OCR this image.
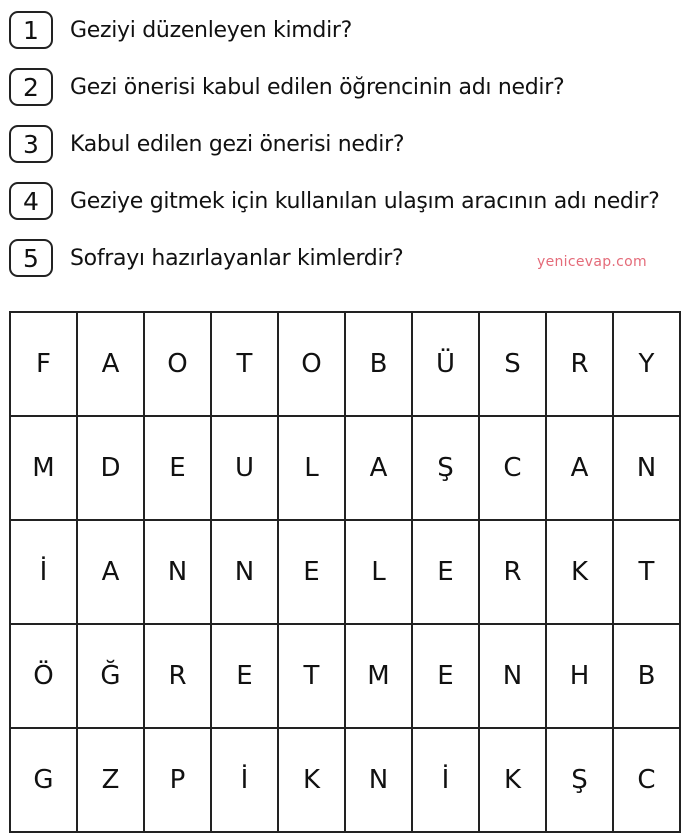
1	Geziyi düzenleyen kimdir?
2	Gezi önerisi kabul edilen öğrencinin adı nedir?
3	Kabul edilen gezi önerisi nedir?
4	Geziye gitmek için kullanılan ulaşım aracının adı nedir?
5	Sofrayı hazırlayanlar kimlerdir?	yenicevap.com
F	A	O	T	O	B	Ü	S	R	Y
M	D	E	U	L	A	Ş	C	A	N
İ	A	N	N	E	L	E	R	K	T
Ö	Ğ	R	E	T	M	E	N	H	B
G	Z	P	İ	K	N	İ	K	Ş	C
